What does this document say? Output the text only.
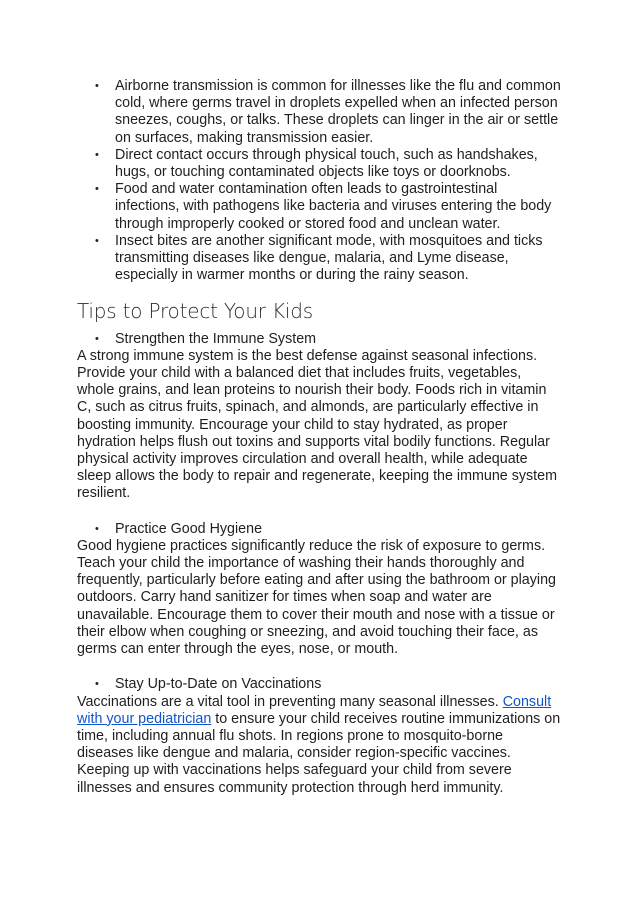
• Airborne transmission is common for illnesses like the flu and common cold, where germs travel in droplets expelled when an infected person sneezes, coughs, or talks. These droplets can linger in the air or settle on surfaces, making transmission easier.
• Direct contact occurs through physical touch, such as handshakes, hugs, or touching contaminated objects like toys or doorknobs.
• Food and water contamination often leads to gastrointestinal infections, with pathogens like bacteria and viruses entering the body through improperly cooked or stored food and unclean water.
• Insect bites are another significant mode, with mosquitoes and ticks transmitting diseases like dengue, malaria, and Lyme disease, especially in warmer months or during the rainy season.
Tips to Protect Your Kids
• Strengthen the Immune System

A strong immune system is the best defense against seasonal infections. Provide your child with a balanced diet that includes fruits, vegetables, whole grains, and lean proteins to nourish their body. Foods rich in vitamin C, such as citrus fruits, spinach, and almonds, are particularly effective in boosting immunity. Encourage your child to stay hydrated, as proper hydration helps flush out toxins and supports vital bodily functions. Regular physical activity improves circulation and overall health, while adequate sleep allows the body to repair and regenerate, keeping the immune system resilient.

• Practice Good Hygiene

Good hygiene practices significantly reduce the risk of exposure to germs. Teach your child the importance of washing their hands thoroughly and frequently, particularly before eating and after using the bathroom or playing outdoors. Carry hand sanitizer for times when soap and water are unavailable. Encourage them to cover their mouth and nose with a tissue or their elbow when coughing or sneezing, and avoid touching their face, as germs can enter through the eyes, nose, or mouth.

• Stay Up-to-Date on Vaccinations

Vaccinations are a vital tool in preventing many seasonal illnesses. Consult with your pediatrician to ensure your child receives routine immunizations on time, including annual flu shots. In regions prone to mosquito-borne diseases like dengue and malaria, consider region-specific vaccines. Keeping up with vaccinations helps safeguard your child from severe illnesses and ensures community protection through herd immunity.
